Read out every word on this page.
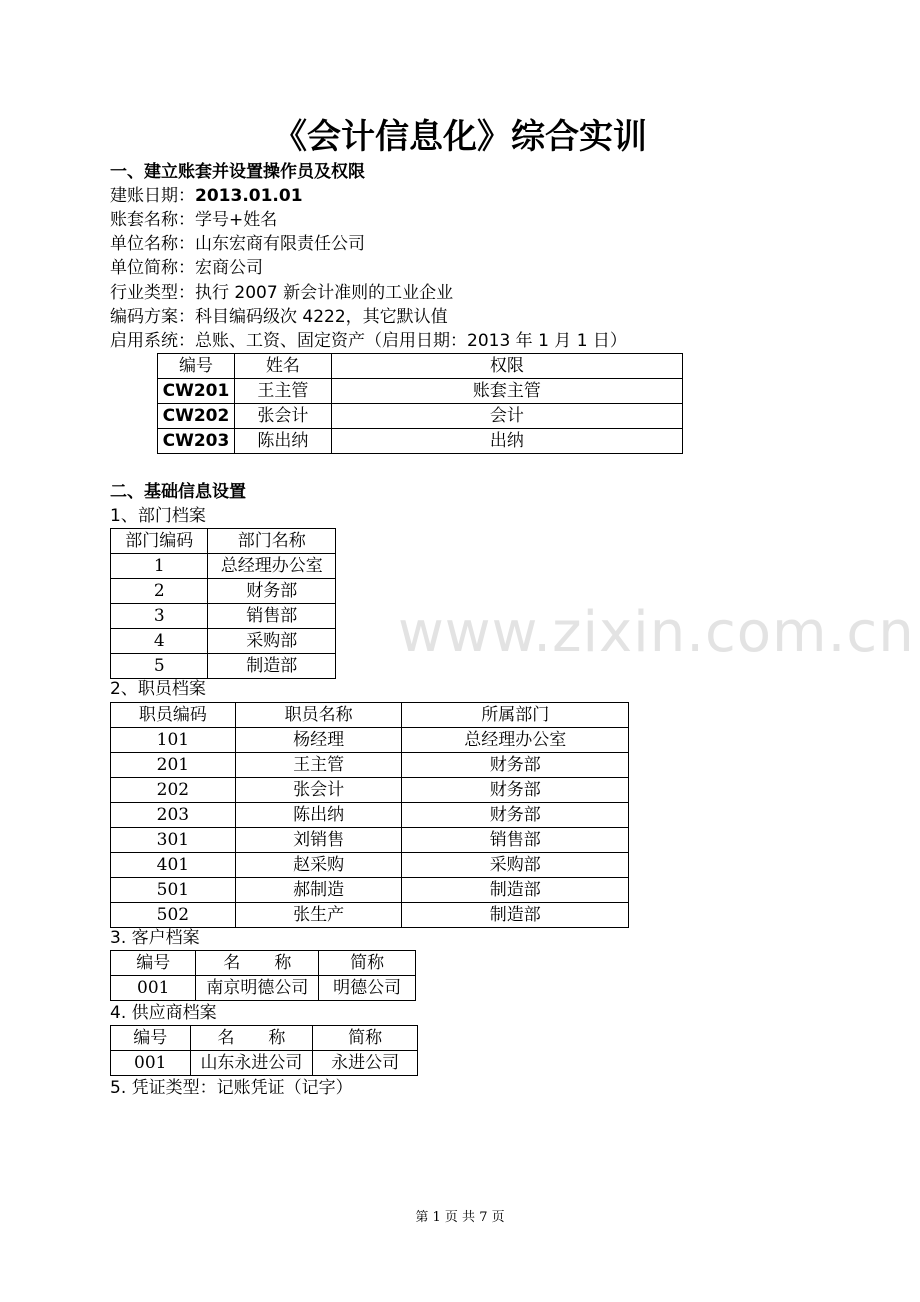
www.zixin.com.cn
《会计信息化》综合实训
一、建立账套并设置操作员及权限
建账日期：2013.01.01
账套名称：学号+姓名
单位名称：山东宏商有限责任公司
单位简称：宏商公司
行业类型：执行 2007 新会计准则的工业企业
编码方案：科目编码级次 4222，其它默认值
启用系统：总账、工资、固定资产（启用日期：2013 年 1 月 1 日）
编号	姓名	权限
CW201	王主管	账套主管
CW202	张会计	会计
CW203	陈出纳	出纳
二、基础信息设置
1、部门档案
部门编码	部门名称
1	总经理办公室
2	财务部
3	销售部
4	采购部
5	制造部
2、职员档案
职员编码	职员名称	所属部门
101	杨经理	总经理办公室
201	王主管	财务部
202	张会计	财务部
203	陈出纳	财务部
301	刘销售	销售部
401	赵采购	采购部
501	郝制造	制造部
502	张生产	制造部
3. 客户档案
编号	名　　称	简称
001	南京明德公司	明德公司
4. 供应商档案
编号	名　　称	简称
001	山东永进公司	永进公司
5. 凭证类型：记账凭证（记字）
第 1 页 共 7 页
